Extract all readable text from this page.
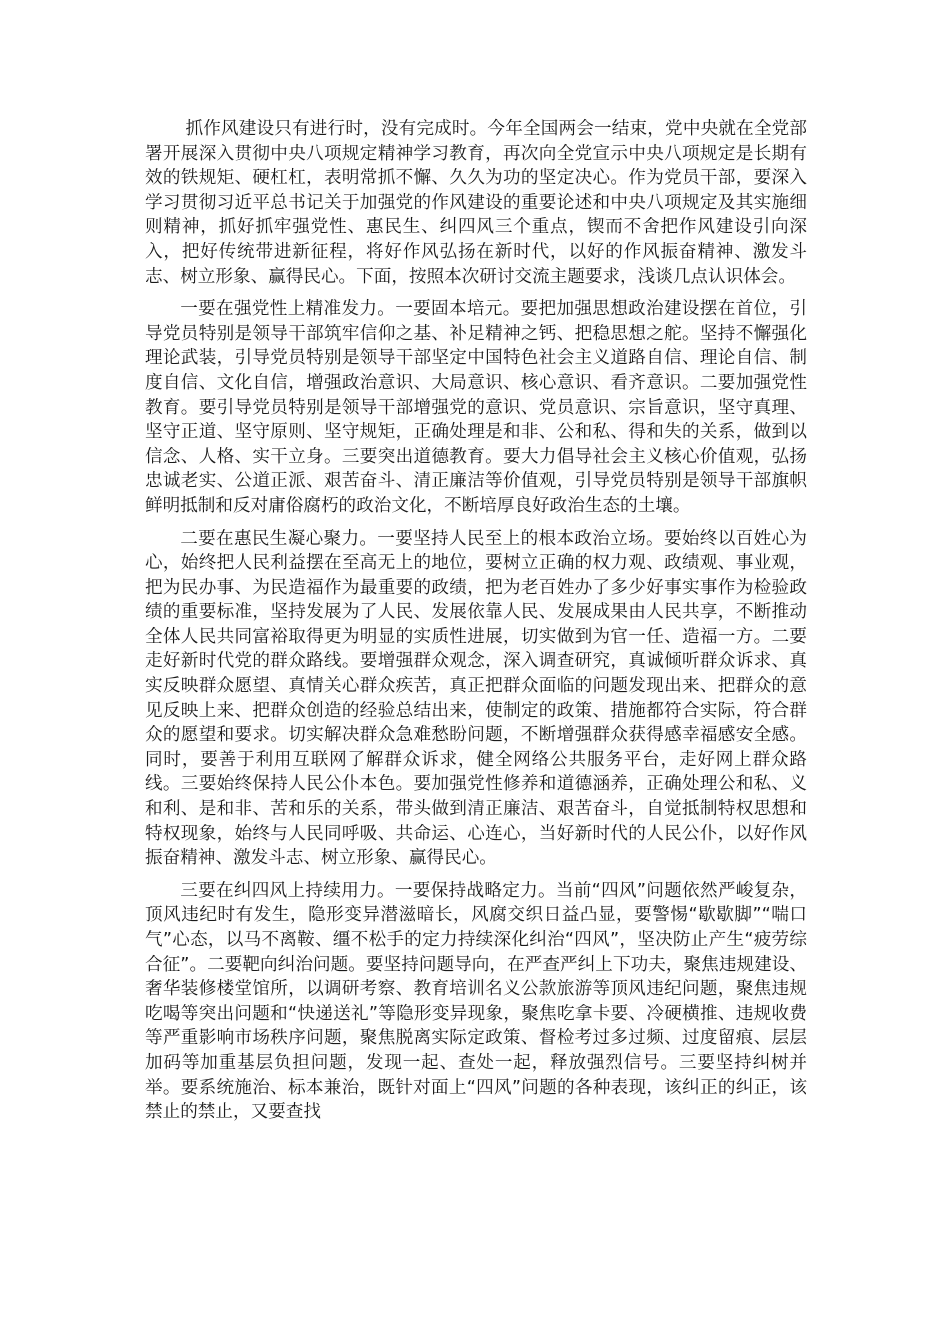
抓作风建设只有进行时，没有完成时。今年全国两会一结束，党中央就在全党部署开展深入贯彻中央八项规定精神学习教育，再次向全党宣示中央八项规定是长期有效的铁规矩、硬杠杠，表明常抓不懈、久久为功的坚定决心。作为党员干部，要深入学习贯彻习近平总书记关于加强党的作风建设的重要论述和中央八项规定及其实施细则精神，抓好抓牢强党性、惠民生、纠四风三个重点，锲而不舍把作风建设引向深入，把好传统带进新征程，将好作风弘扬在新时代，以好的作风振奋精神、激发斗志、树立形象、赢得民心。下面，按照本次研讨交流主题要求，浅谈几点认识体会。

一要在强党性上精准发力。一要固本培元。要把加强思想政治建设摆在首位，引导党员特别是领导干部筑牢信仰之基、补足精神之钙、把稳思想之舵。坚持不懈强化理论武装，引导党员特别是领导干部坚定中国特色社会主义道路自信、理论自信、制度自信、文化自信，增强政治意识、大局意识、核心意识、看齐意识。二要加强党性教育。要引导党员特别是领导干部增强党的意识、党员意识、宗旨意识，坚守真理、坚守正道、坚守原则、坚守规矩，正确处理是和非、公和私、得和失的关系，做到以信念、人格、实干立身。三要突出道德教育。要大力倡导社会主义核心价值观，弘扬忠诚老实、公道正派、艰苦奋斗、清正廉洁等价值观，引导党员特别是领导干部旗帜鲜明抵制和反对庸俗腐朽的政治文化，不断培厚良好政治生态的土壤。

二要在惠民生凝心聚力。一要坚持人民至上的根本政治立场。要始终以百姓心为心，始终把人民利益摆在至高无上的地位，要树立正确的权力观、政绩观、事业观，把为民办事、为民造福作为最重要的政绩，把为老百姓办了多少好事实事作为检验政绩的重要标准，坚持发展为了人民、发展依靠人民、发展成果由人民共享，不断推动全体人民共同富裕取得更为明显的实质性进展，切实做到为官一任、造福一方。二要走好新时代党的群众路线。要增强群众观念，深入调查研究，真诚倾听群众诉求、真实反映群众愿望、真情关心群众疾苦，真正把群众面临的问题发现出来、把群众的意见反映上来、把群众创造的经验总结出来，使制定的政策、措施都符合实际，符合群众的愿望和要求。切实解决群众急难愁盼问题，不断增强群众获得感幸福感安全感。同时，要善于利用互联网了解群众诉求，健全网络公共服务平台，走好网上群众路线。三要始终保持人民公仆本色。要加强党性修养和道德涵养，正确处理公和私、义和利、是和非、苦和乐的关系，带头做到清正廉洁、艰苦奋斗，自觉抵制特权思想和特权现象，始终与人民同呼吸、共命运、心连心，当好新时代的人民公仆，以好作风振奋精神、激发斗志、树立形象、赢得民心。

三要在纠四风上持续用力。一要保持战略定力。当前“四风”问题依然严峻复杂，顶风违纪时有发生，隐形变异潜滋暗长，风腐交织日益凸显，要警惕“歇歇脚”“喘口气”心态，以马不离鞍、缰不松手的定力持续深化纠治“四风”，坚决防止产生“疲劳综合征”。二要靶向纠治问题。要坚持问题导向，在严查严纠上下功夫，聚焦违规建设、奢华装修楼堂馆所，以调研考察、教育培训名义公款旅游等顶风违纪问题，聚焦违规吃喝等突出问题和“快递送礼”等隐形变异现象，聚焦吃拿卡要、冷硬横推、违规收费等严重影响市场秩序问题，聚焦脱离实际定政策、督检考过多过频、过度留痕、层层加码等加重基层负担问题，发现一起、查处一起，释放强烈信号。三要坚持纠树并举。要系统施治、标本兼治，既针对面上“四风”问题的各种表现，该纠正的纠正，该禁止的禁止，又要查找
